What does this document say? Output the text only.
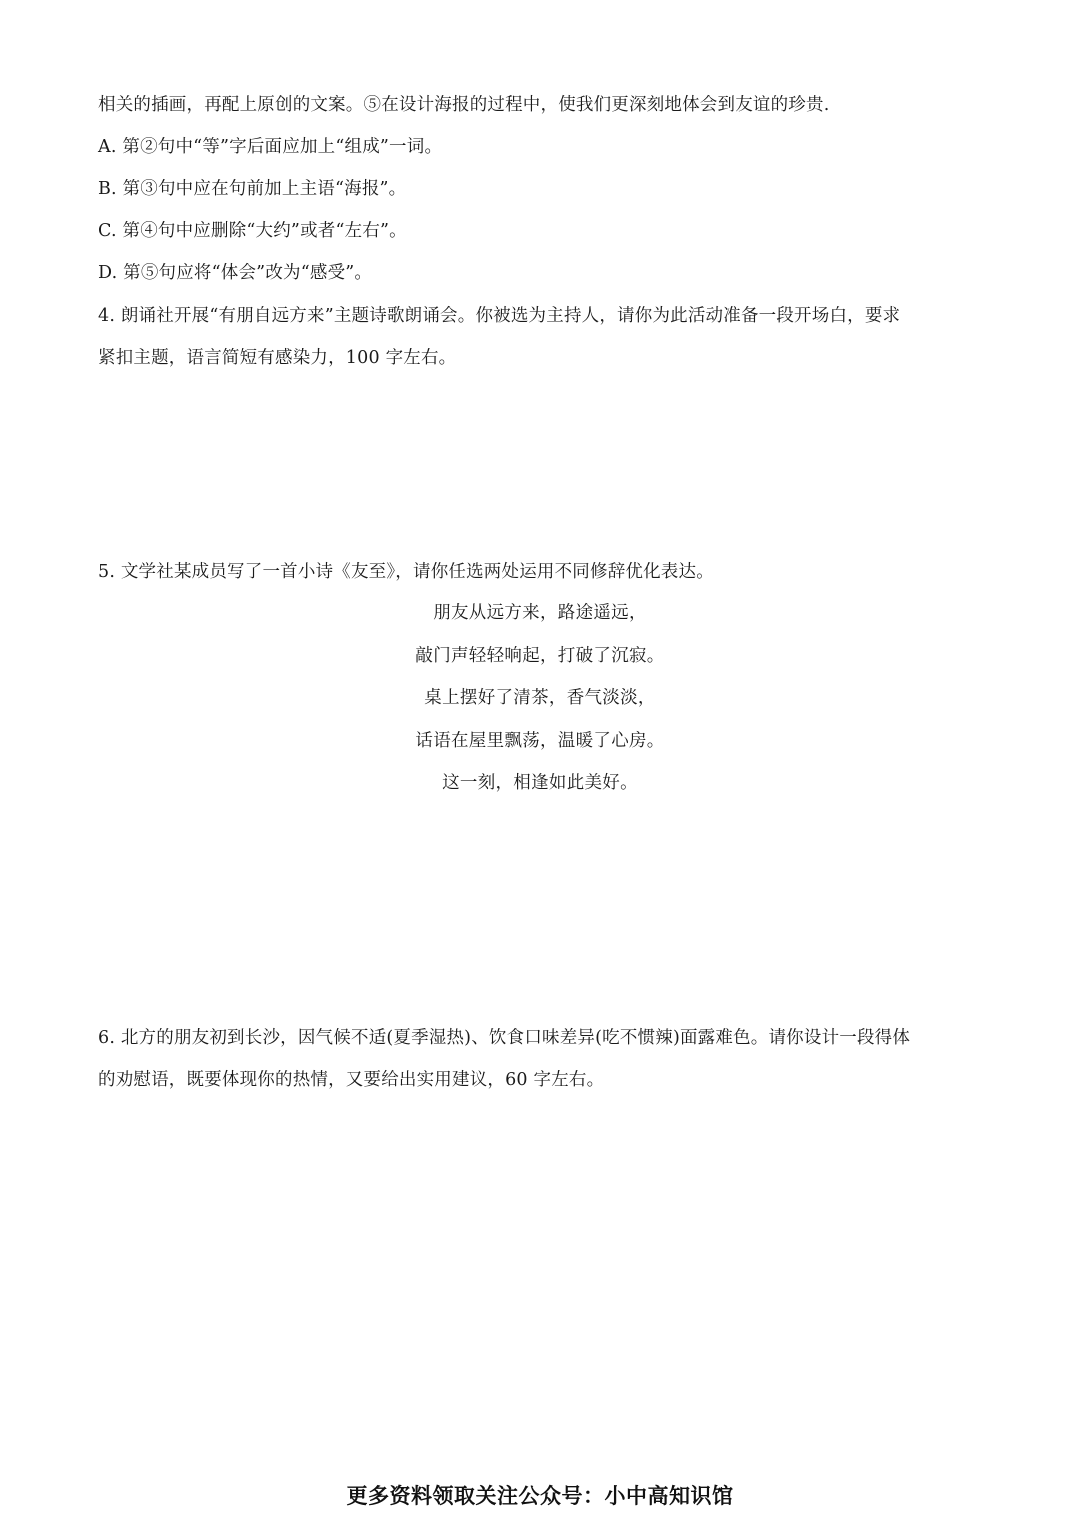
相关的插画，再配上原创的文案。⑤在设计海报的过程中，使我们更深刻地体会到友谊的珍贵.
A. 第②句中“等”字后面应加上“组成”一词。
B. 第③句中应在句前加上主语“海报”。
C. 第④句中应删除“大约”或者“左右”。
D. 第⑤句应将“体会”改为“感受”。
4. 朗诵社开展“有朋自远方来”主题诗歌朗诵会。你被选为主持人，请你为此活动准备一段开场白，要求
紧扣主题，语言简短有感染力，100 字左右。
5. 文学社某成员写了一首小诗《友至》，请你任选两处运用不同修辞优化表达。
朋友从远方来，路途遥远，
敲门声轻轻响起，打破了沉寂。
桌上摆好了清茶，香气淡淡，
话语在屋里飘荡，温暖了心房。
这一刻，相逢如此美好。
6. 北方的朋友初到长沙，因气候不适(夏季湿热)、饮食口味差异(吃不惯辣)面露难色。请你设计一段得体
的劝慰语，既要体现你的热情，又要给出实用建议，60 字左右。
更多资料领取关注公众号：小中高知识馆
